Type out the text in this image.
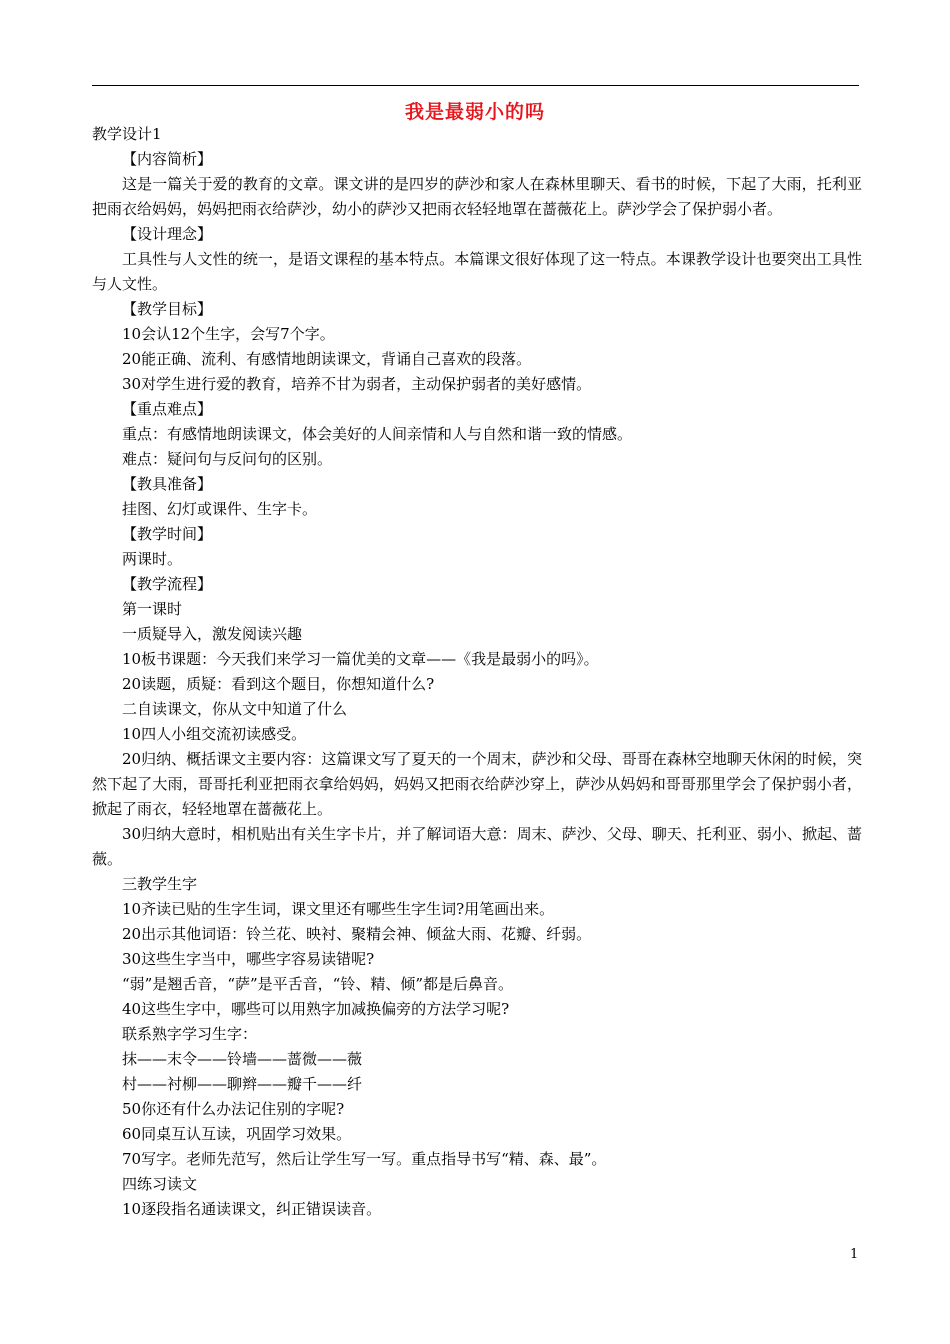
我是最弱小的吗

教学设计1

【内容简析】

这是一篇关于爱的教育的文章。课文讲的是四岁的萨沙和家人在森林里聊天、看书的时候，下起了大雨，托利亚把雨衣给妈妈，妈妈把雨衣给萨沙，幼小的萨沙又把雨衣轻轻地罩在蔷薇花上。萨沙学会了保护弱小者。

【设计理念】

工具性与人文性的统一，是语文课程的基本特点。本篇课文很好体现了这一特点。本课教学设计也要突出工具性与人文性。

【教学目标】

10会认12个生字，会写7个字。

20能正确、流利、有感情地朗读课文，背诵自己喜欢的段落。

30对学生进行爱的教育，培养不甘为弱者，主动保护弱者的美好感情。

【重点难点】

重点：有感情地朗读课文，体会美好的人间亲情和人与自然和谐一致的情感。

难点：疑问句与反问句的区别。

【教具准备】

挂图、幻灯或课件、生字卡。

【教学时间】

两课时。

【教学流程】

第一课时

一质疑导入，激发阅读兴趣

10板书课题：今天我们来学习一篇优美的文章——《我是最弱小的吗》。

20读题，质疑：看到这个题目，你想知道什么?

二自读课文，你从文中知道了什么

10四人小组交流初读感受。

20归纳、概括课文主要内容：这篇课文写了夏天的一个周末，萨沙和父母、哥哥在森林空地聊天休闲的时候，突然下起了大雨，哥哥托利亚把雨衣拿给妈妈，妈妈又把雨衣给萨沙穿上，萨沙从妈妈和哥哥那里学会了保护弱小者，掀起了雨衣，轻轻地罩在蔷薇花上。

30归纳大意时，相机贴出有关生字卡片，并了解词语大意：周末、萨沙、父母、聊天、托利亚、弱小、掀起、蔷薇。

三教学生字

10齐读已贴的生字生词，课文里还有哪些生字生词?用笔画出来。

20出示其他词语：铃兰花、映衬、聚精会神、倾盆大雨、花瓣、纤弱。

30这些生字当中，哪些字容易读错呢?

“弱”是翘舌音，“萨”是平舌音，“铃、精、倾”都是后鼻音。

40这些生字中，哪些可以用熟字加减换偏旁的方法学习呢?

联系熟字学习生字：

抹——末令——铃墙——蔷微——薇

村——衬柳——聊辫——瓣千——纤

50你还有什么办法记住别的字呢?

60同桌互认互读，巩固学习效果。

70写字。老师先范写，然后让学生写一写。重点指导书写“精、森、最”。

四练习读文

10逐段指名通读课文，纠正错误读音。

1
